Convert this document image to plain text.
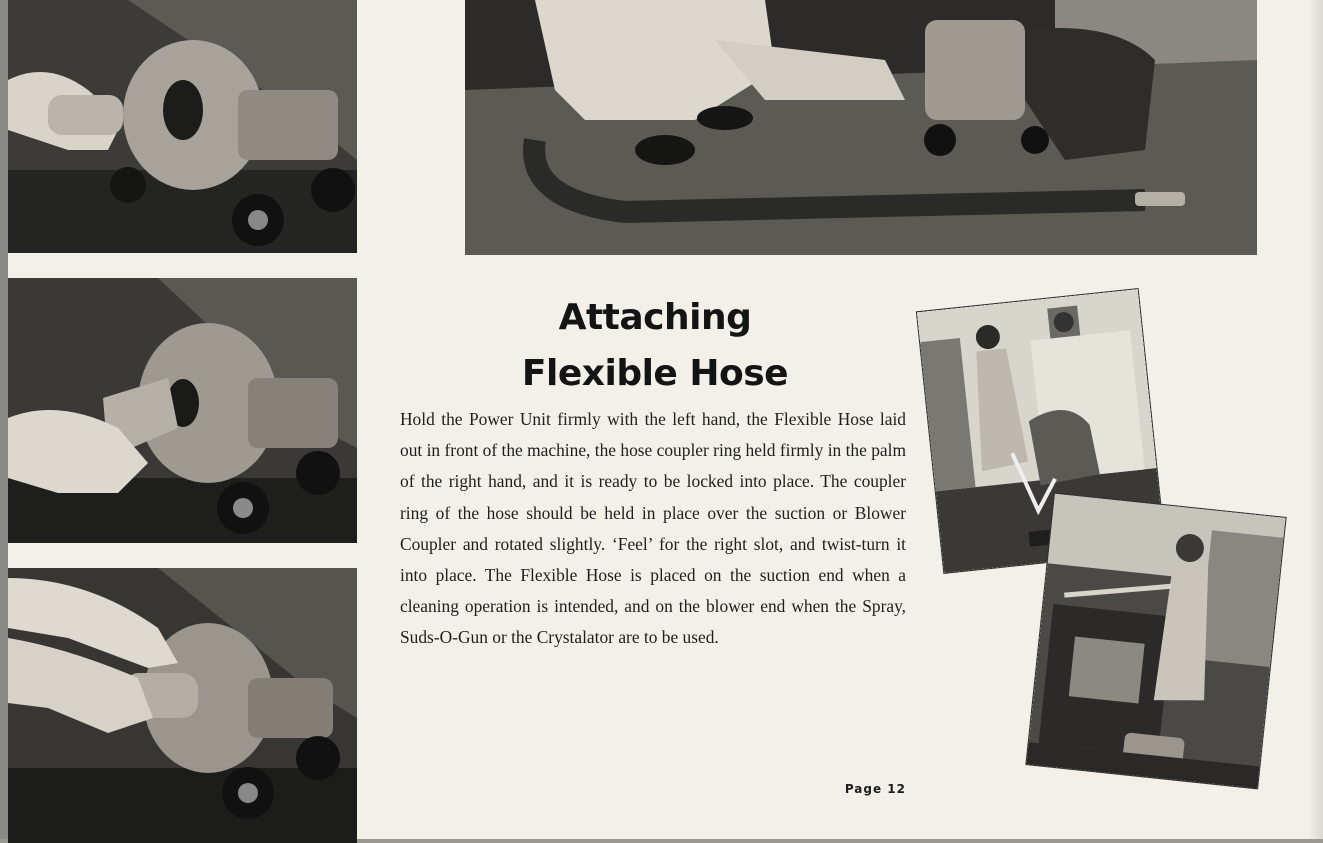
Attaching
Flexible Hose
Hold the Power Unit firmly with the left hand, the Flexible Hose laid out in front of the machine, the hose coupler ring held firmly in the palm of the right hand, and it is ready to be locked into place. The coupler ring of the hose should be held in place over the suction or Blower Coupler and rotated slightly. ‘Feel’ for the right slot, and twist-turn it into place. The Flexible Hose is placed on the suction end when a cleaning operation is intended, and on the blower end when the Spray, Suds-O-Gun or the Crystalator are to be used.
Page 12
